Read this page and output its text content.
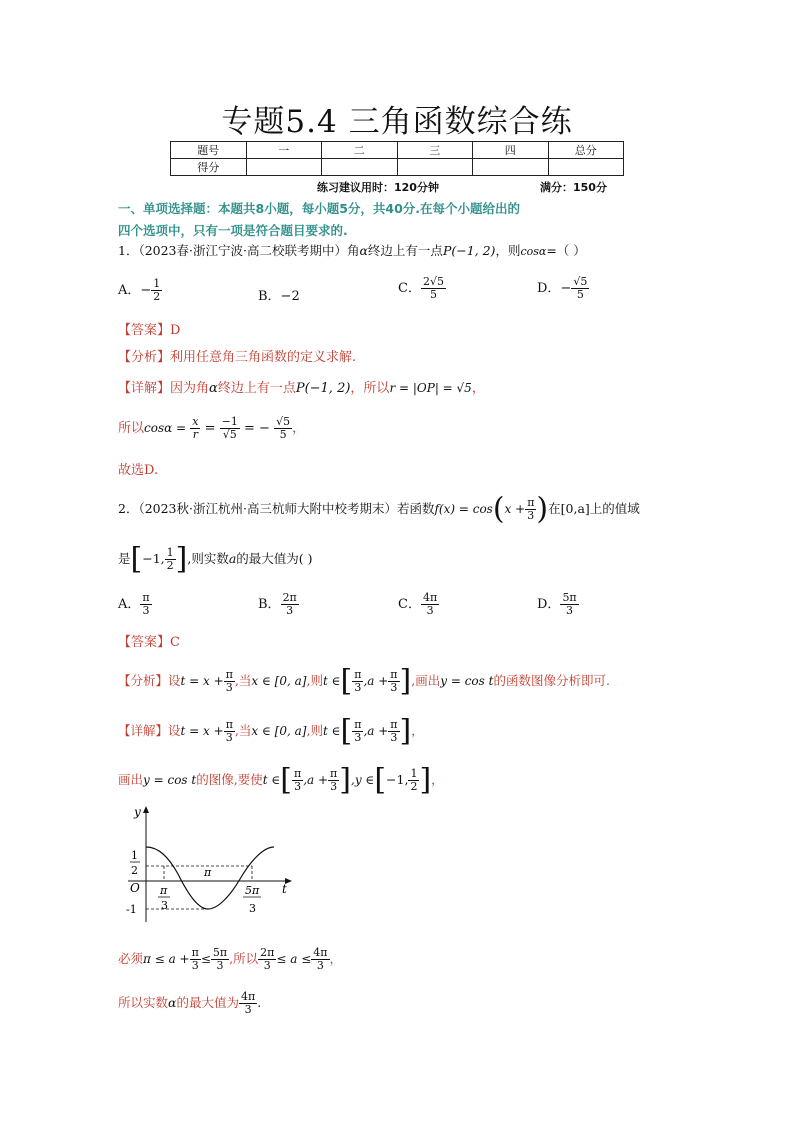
专题5.4 三角函数综合练
题号	一	二	三	四	总分
得分					
练习建议用时：120分钟	满分：150分
一、单项选择题：本题共8小题，每小题5分，共40分.在每个小题给出的
四个选项中，只有一项是符合题目要求的.
1．（2023春·浙江宁波·高二校联考期中）角α终边上有一点P(−1, 2)，则cosα=（ ）
A．− $\frac{1}{2}$	B．−2
C． $\frac{2√5}{5}$	D．− $\frac{√5}{5}$
【答案】D
【分析】利用任意角三角函数的定义求解.
【详解】因为角α终边上有一点P(−1, 2)，所以r = |OP| = √5，
所以$\cos\alpha = \frac{x}{r} = \frac{-1}{√5}$ = − $\frac{√5}{5}$ ，
故选D.
2．（2023秋·浙江杭州·高三杭师大附中校考期末）若函数$f(x) = \cos(x + \frac{\pi}{3}$ )在[0,a]上的值域
是[−1, $\frac{1}{2}$ ],则实数a的最大值为( )
A． $\frac{\pi}{3}$	B． $\frac{2\pi}{3}$	C． $\frac{4\pi}{3}$	D． $\frac{5\pi}{3}$
【答案】C
【分析】设$t = x + \frac{\pi}{3}$ ,当x ∈ [0, a],则t ∈[ $\frac{\pi}{3} ,a + \frac{\pi}{3}$ ],画出y = cos t的函数图像分析即可.
【详解】设$t = x + \frac{\pi}{3}$ ,当x ∈ [0, a],则t ∈[ $\frac{\pi}{3} ,a + \frac{\pi}{3}$ ]，
画出y = cos t的图像,要使t ∈[ $\frac{\pi}{3} ,a + \frac{\pi}{3} ],y$ ∈[−1, $\frac{1}{2}$ ]，
y
t
O
1
2
-1
π
π
3
5π
3
必须$\pi \le a + \frac{\pi}{3} \le \frac{5\pi}{3}$ ,所以 $\frac{2\pi}{3} \le a \le \frac{4\pi}{3}$ ，
所以实数α的最大值为 $\frac{4\pi}{3}$ .
